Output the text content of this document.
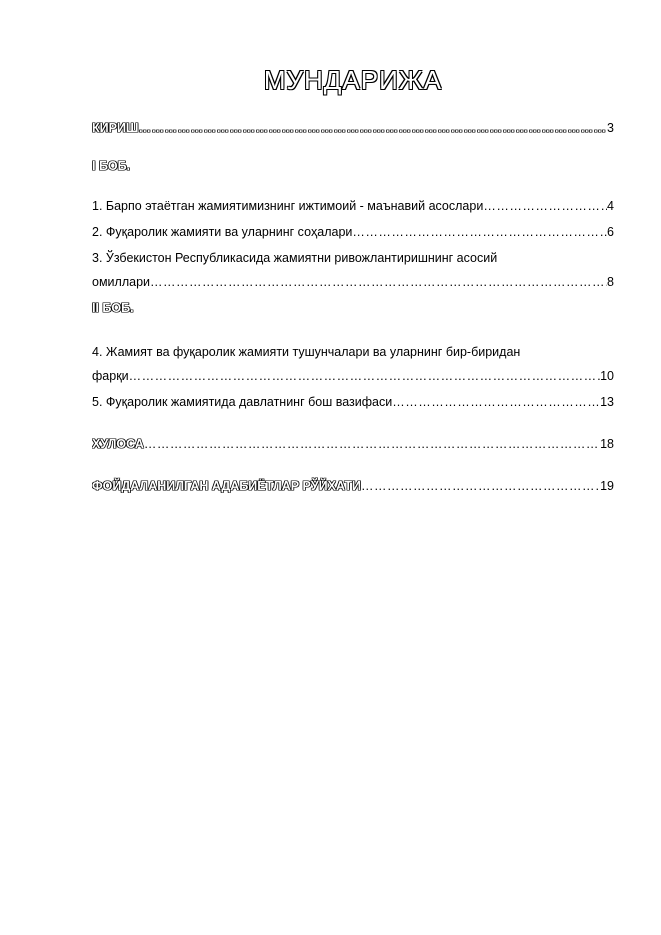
МУНДАРИЖА
КИРИШ ……………………………………………………………………………………………………………………………………………………	3
I БОБ.
1. Барпо этаётган жамиятимизнинг ижтимоий - маънавий асослари ……………………………………………………………………………………………………………………………………………………	4
2. Фуқаролик жамияти ва уларнинг соҳалари ……………………………………………………………………………………………………………………………………………………	6
3. Ўзбекистон Республикасида жамиятни ривожлантиришнинг асосий
омиллари ……………………………………………………………………………………………………………………………………………………	8
II БОБ.
4. Жамият ва фуқаролик жамияти тушунчалари ва уларнинг бир-биридан
фарқи ……………………………………………………………………………………………………………………………………………………	10
5. Фуқаролик жамиятида давлатнинг бош вазифаси ……………………………………………………………………………………………………………………………………………………	13
ХУЛОСА ……………………………………………………………………………………………………………………………………………………	18
ФОЙДАЛАНИЛГАН АДАБИЁТЛАР РЎЙХАТИ ……………………………………………………………………………………………………………………………………………………	19
